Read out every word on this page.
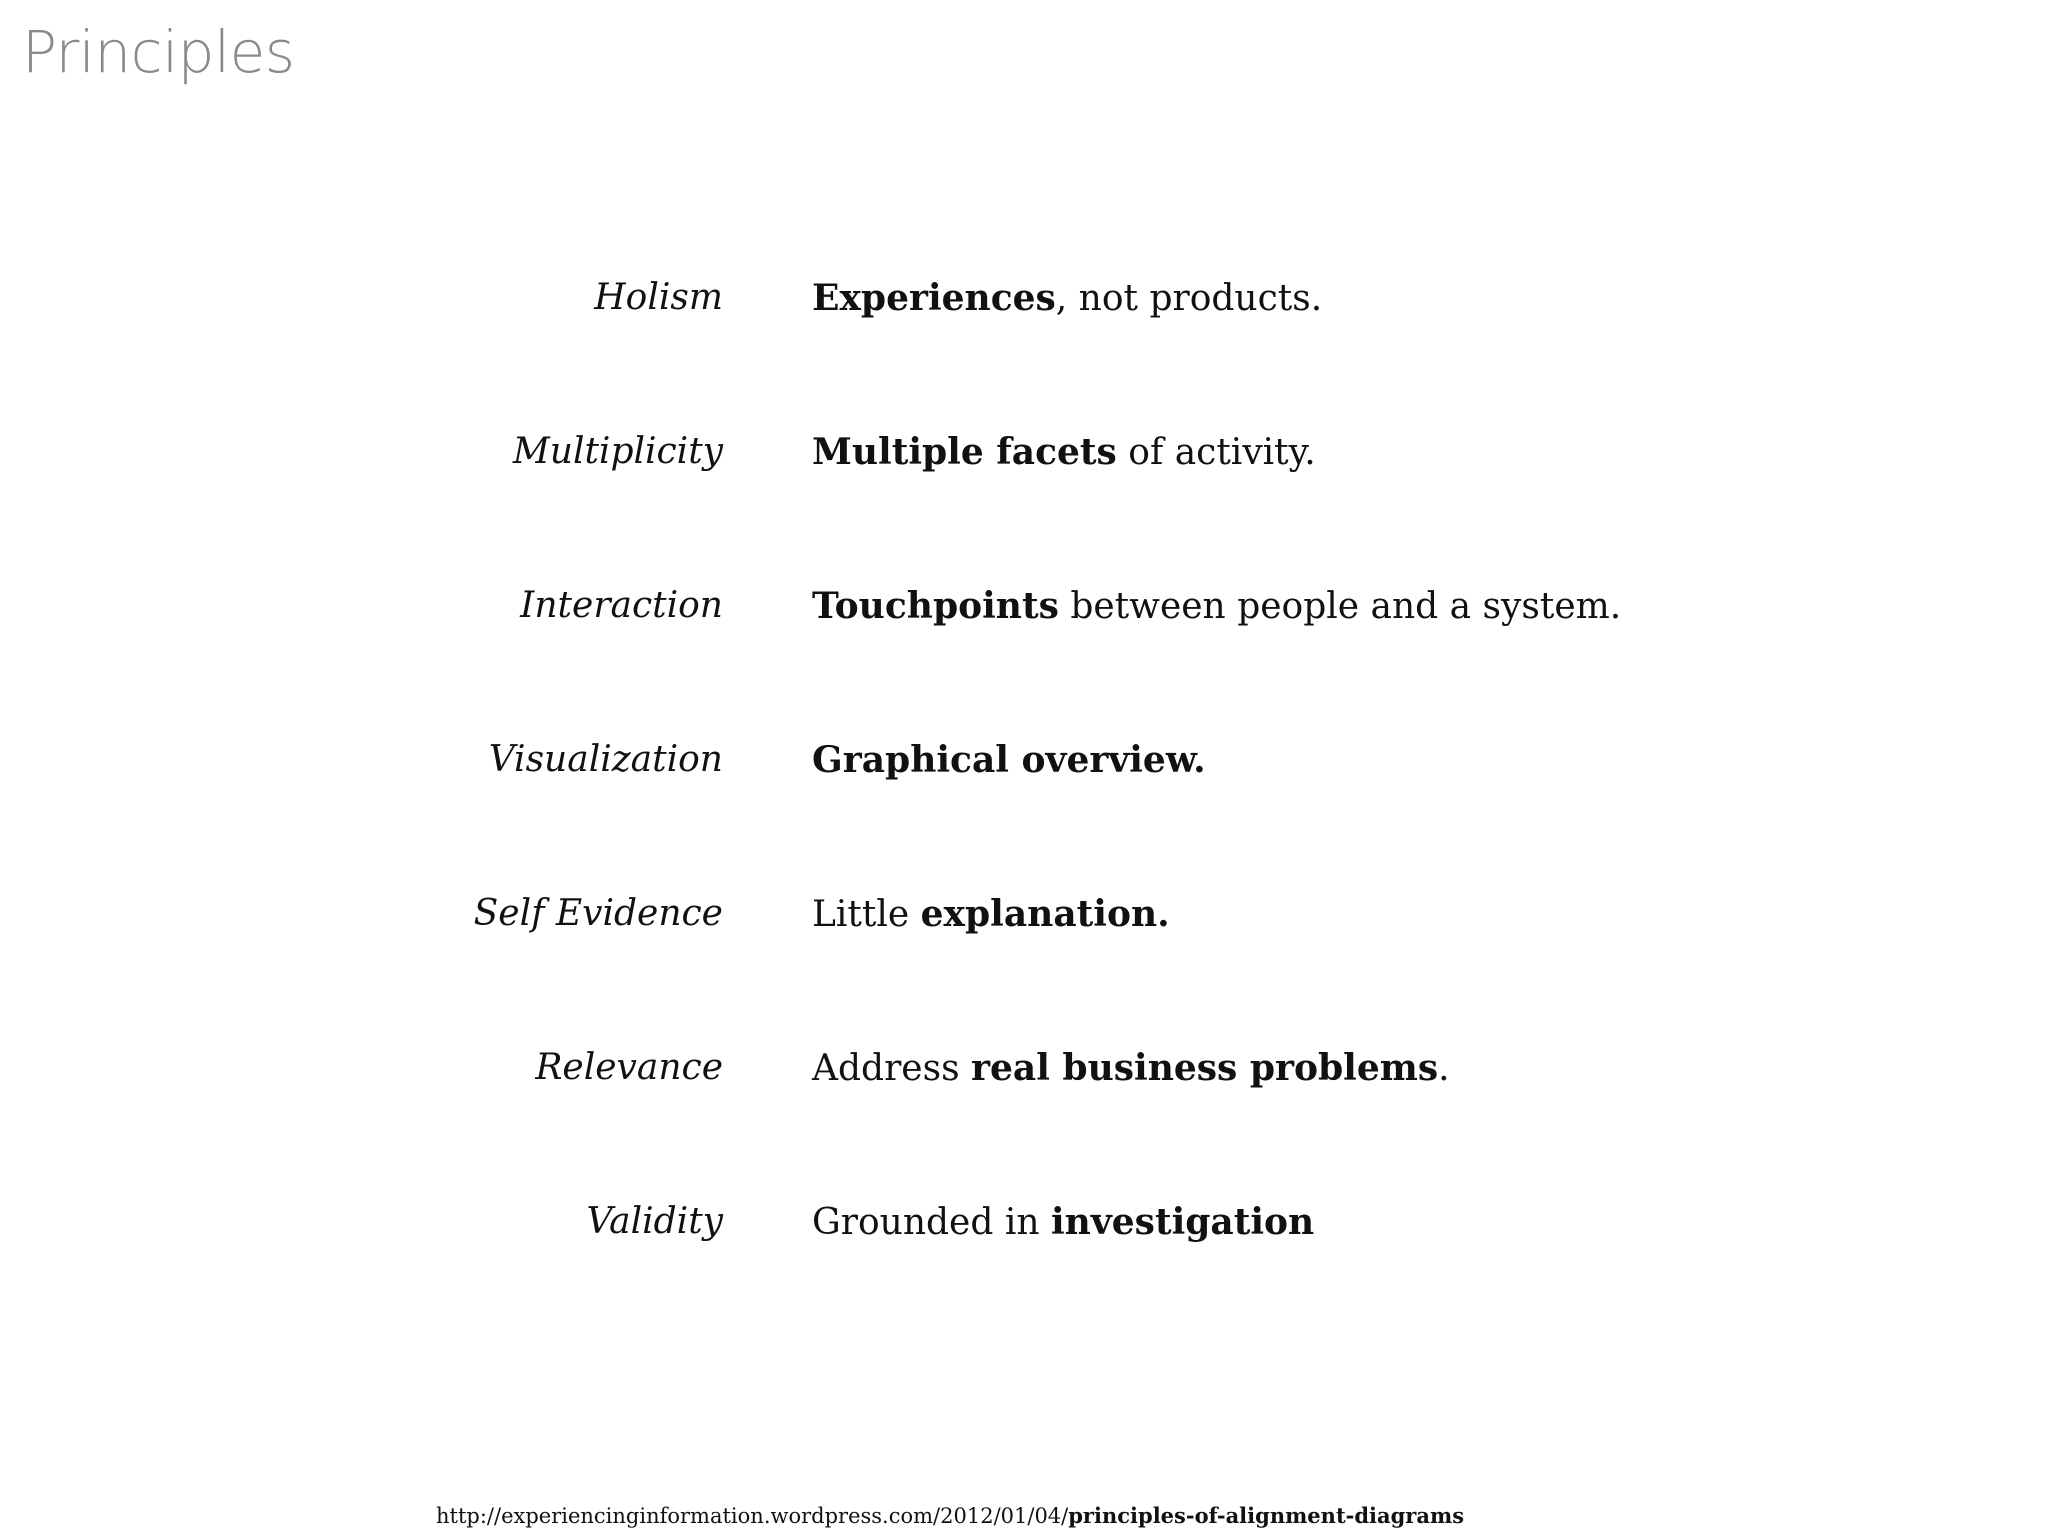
Principles
Holism Experiences, not products.
Multiplicity Multiple facets of activity.
Interaction Touchpoints between people and a system.
Visualization Graphical overview.
Self Evidence Little explanation.
Relevance Address real business problems.
Validity Grounded in investigation
http://experiencinginformation.wordpress.com/2012/01/04/principles-of-alignment-diagrams
